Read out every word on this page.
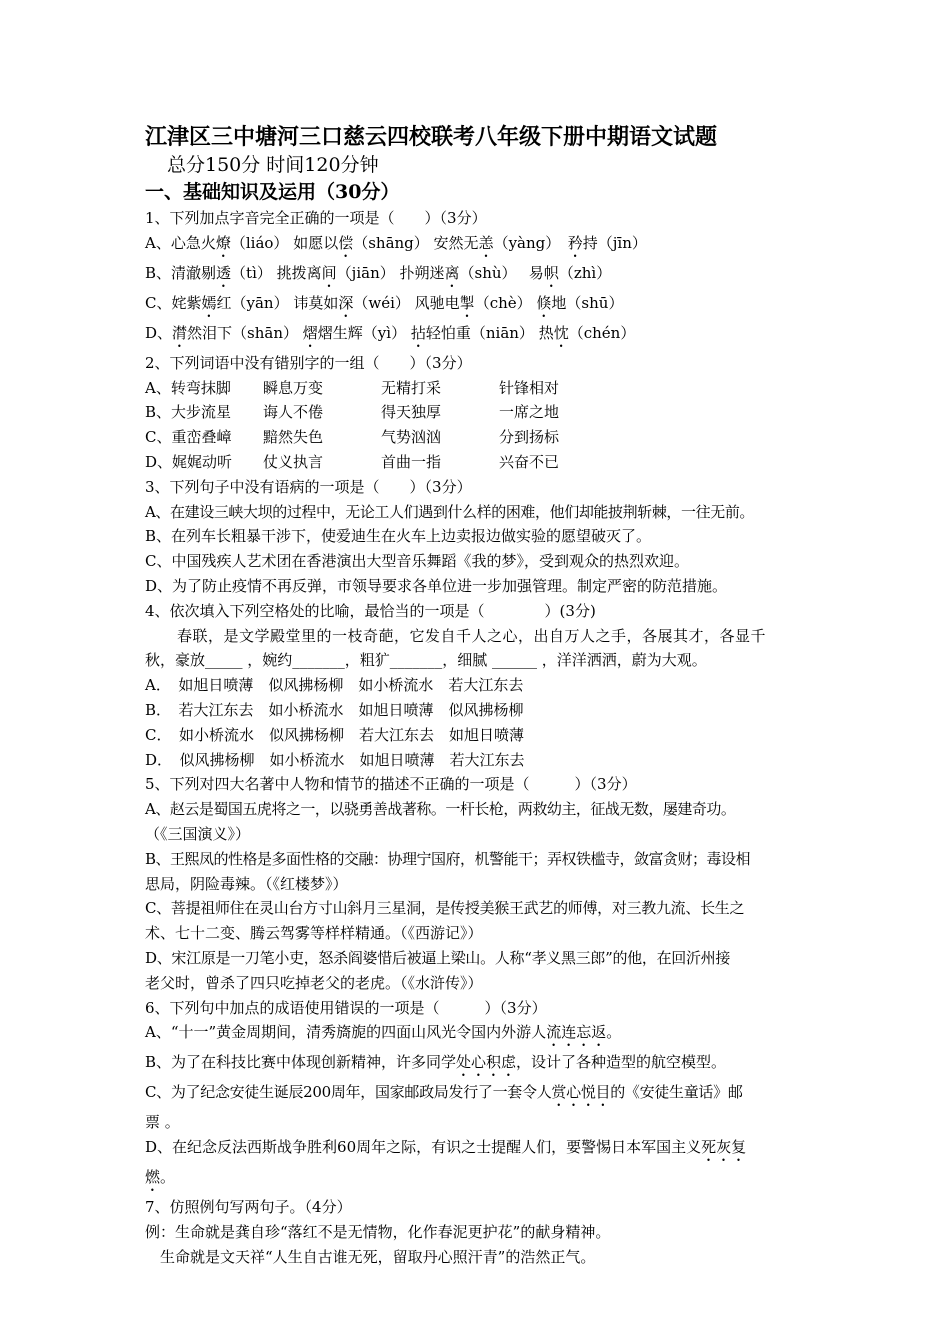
江津区三中塘河三口慈云四校联考八年级下册中期语文试题
总分150分 时间120分钟
一、基础知识及运用（30分）
1、下列加点字音完全正确的一项是（　　）（3分）
A、心急火燎（liáo） 如愿以偿（shāng） 安然无恙（yàng）　矜持（jīn）
B、清澈剔透（tì） 挑拨离间（jiān） 扑朔迷离（shù）　 易帜（zhì）
C、姹紫嫣红（yān） 讳莫如深（wéi） 风驰电掣（chè） 倏地（shū）
D、潸然泪下（shān） 熠熠生辉（yì） 拈轻怕重（niān） 热忱（chén）
2、下列词语中没有错别字的一组（　　）（3分）
A、转弯抹脚 瞬息万变	无精打采	针锋相对
B、大步流星 诲人不倦	得天独厚	一席之地
C、重峦叠嶂 黯然失色	气势汹汹	分到扬标
D、娓娓动听 仗义执言	首曲一指	兴奋不已
3、下列句子中没有语病的一项是（　　）（3分）
A、在建设三峡大坝的过程中，无论工人们遇到什么样的困难，他们却能披荆斩棘，一往无前。
B、在列车长粗暴干涉下，使爱迪生在火车上边卖报边做实验的愿望破灭了。
C、中国残疾人艺术团在香港演出大型音乐舞蹈《我的梦》，受到观众的热烈欢迎。
D、为了防止疫情不再反弹，市领导要求各单位进一步加强管理。制定严密的防范措施。
4、依次填入下列空格处的比喻，最恰当的一项是（　　　　）(3分)
春联，是文学殿堂里的一枝奇葩，它发自千人之心，出自万人之手，各展其才，各显千
秋，豪放_____ ，婉约_______，粗犷_______，细腻 ______ ，洋洋洒洒，蔚为大观。
A．　如旭日喷薄　似风拂杨柳　如小桥流水　若大江东去
B．　若大江东去　如小桥流水　如旭日喷薄　似风拂杨柳
C．　如小桥流水　似风拂杨柳　若大江东去　如旭日喷薄
D．　似风拂杨柳　如小桥流水　如旭日喷薄　若大江东去
5、下列对四大名著中人物和情节的描述不正确的一项是（　　　）（3分）
A、赵云是蜀国五虎将之一，以骁勇善战著称。一杆长枪，两救幼主，征战无数，屡建奇功。
（《三国演义》）
B、王熙凤的性格是多面性格的交融：协理宁国府，机警能干；弄权铁槛寺，敛富贪财；毒设相
思局，阴险毒辣。（《红楼梦》）
C、菩提祖师住在灵山台方寸山斜月三星洞，是传授美猴王武艺的师傅，对三教九流、长生之
术、七十二变、腾云驾雾等样样精通。（《西游记》）
D、宋江原是一刀笔小吏，怒杀阎婆惜后被逼上梁山。人称“孝义黑三郎”的他，在回沂州接
老父时，曾杀了四只吃掉老父的老虎。（《水浒传》）
6、下列句中加点的成语使用错误的一项是（　　　）（3分）
A、“十一”黄金周期间，清秀旖旎的四面山风光令国内外游人流连忘返。
B、为了在科技比赛中体现创新精神，许多同学处心积虑，设计了各种造型的航空模型。
C、为了纪念安徒生诞辰200周年，国家邮政局发行了一套令人赏心悦目的《安徒生童话》邮
票 。
D、在纪念反法西斯战争胜利60周年之际，有识之士提醒人们，要警惕日本军国主义死灰复
燃。
7、仿照例句写两句子。（4分）
例：生命就是龚自珍“落红不是无情物，化作春泥更护花”的献身精神。
　生命就是文天祥“人生自古谁无死，留取丹心照汗青”的浩然正气。
